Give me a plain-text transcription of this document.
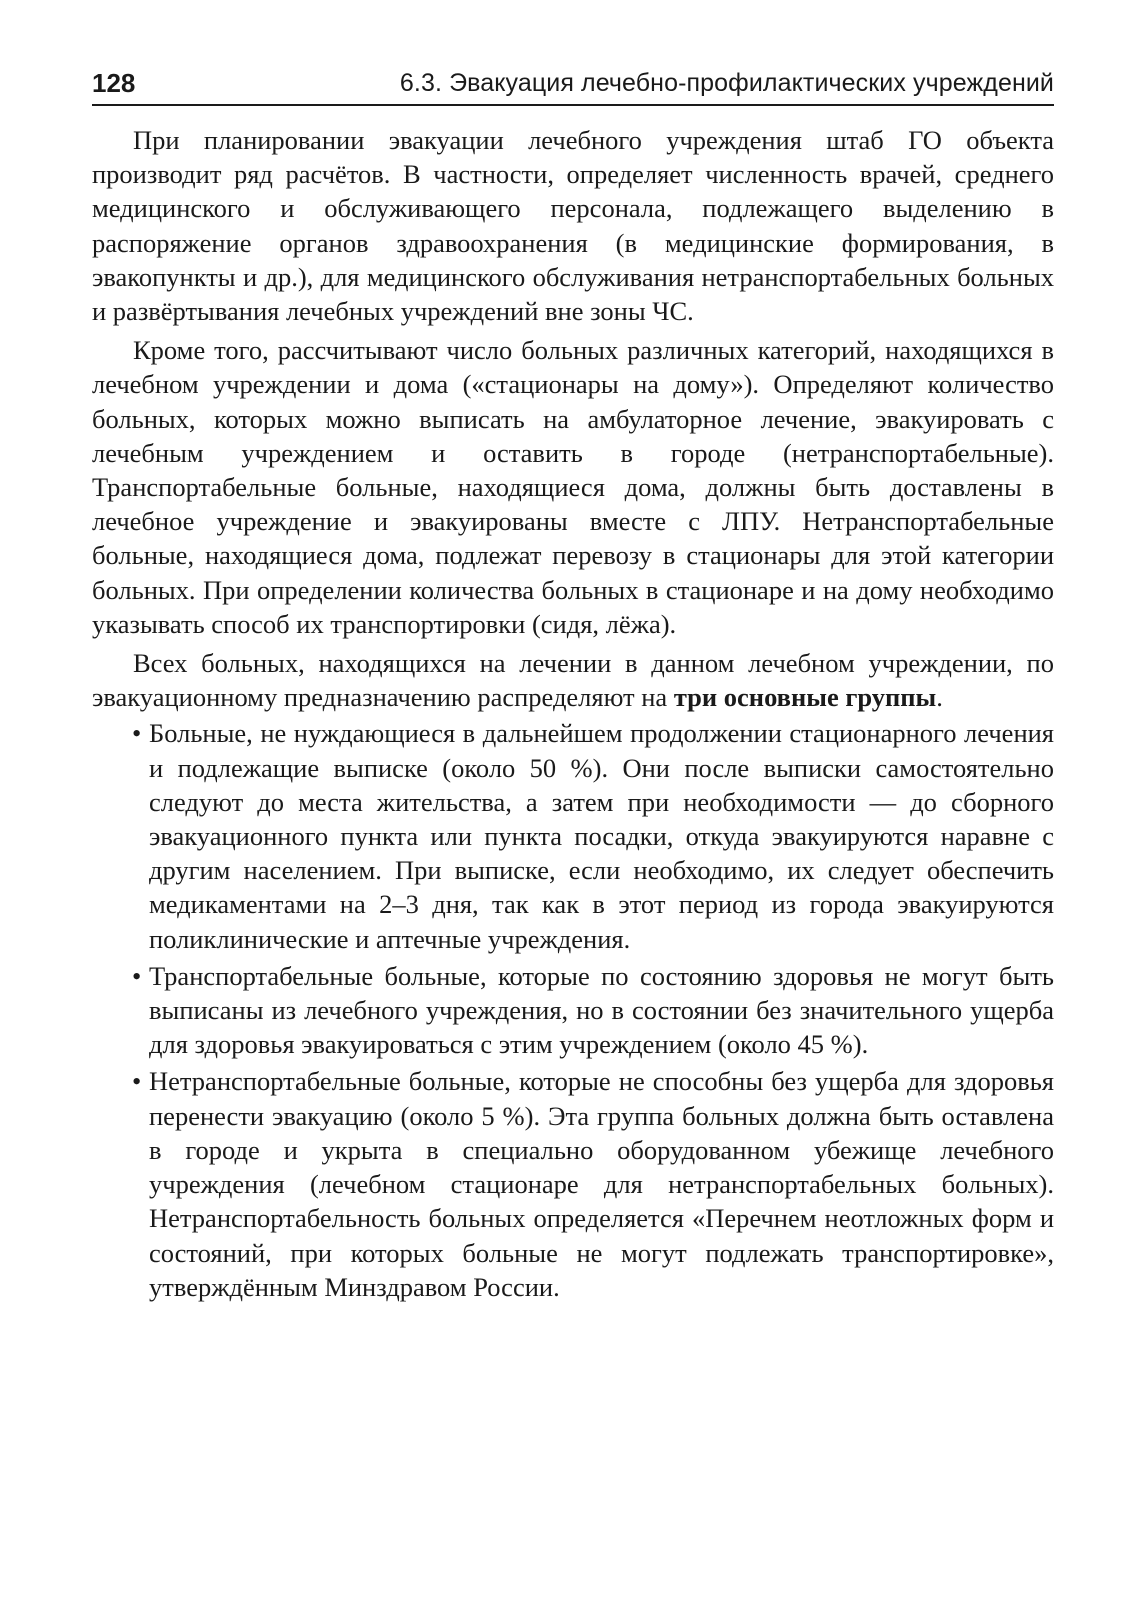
128	6.3. Эвакуация лечебно-профилактических учреждений

При планировании эвакуации лечебного учреждения штаб ГО объекта производит ряд расчётов. В частности, определяет численность врачей, среднего медицинского и обслуживающего персонала, подлежащего выделению в распоряжение органов здравоохранения (в медицинские формирования, в эвакопункты и др.), для медицинского обслуживания нетранспортабельных больных и развёртывания лечебных учреждений вне зоны ЧС.

Кроме того, рассчитывают число больных различных категорий, находящихся в лечебном учреждении и дома («стационары на дому»). Определяют количество больных, которых можно выписать на амбулаторное лечение, эвакуировать с лечебным учреждением и оставить в городе (нетранспортабельные). Транспортабельные больные, находящиеся дома, должны быть доставлены в лечебное учреждение и эвакуированы вместе с ЛПУ. Нетранспортабельные больные, находящиеся дома, подлежат перевозу в стационары для этой категории больных. При определении количества больных в стационаре и на дому необходимо указывать способ их транспортировки (сидя, лёжа).

Всех больных, находящихся на лечении в данном лечебном учреждении, по эвакуационному предназначению распределяют на три основные группы.

• Больные, не нуждающиеся в дальнейшем продолжении стационарного лечения и подлежащие выписке (около 50 %). Они после выписки самостоятельно следуют до места жительства, а затем при необходимости — до сборного эвакуационного пункта или пункта посадки, откуда эвакуируются наравне с другим населением. При выписке, если необходимо, их следует обеспечить медикаментами на 2–3 дня, так как в этот период из города эвакуируются поликлинические и аптечные учреждения.
• Транспортабельные больные, которые по состоянию здоровья не могут быть выписаны из лечебного учреждения, но в состоянии без значительного ущерба для здоровья эвакуироваться с этим учреждением (около 45 %).
• Нетранспортабельные больные, которые не способны без ущерба для здоровья перенести эвакуацию (около 5 %). Эта группа больных должна быть оставлена в городе и укрыта в специально оборудованном убежище лечебного учреждения (лечебном стационаре для нетранспортабельных больных). Нетранспортабельность больных определяется «Перечнем неотложных форм и состояний, при которых больные не могут подлежать транспортировке», утверждённым Минздравом России.
